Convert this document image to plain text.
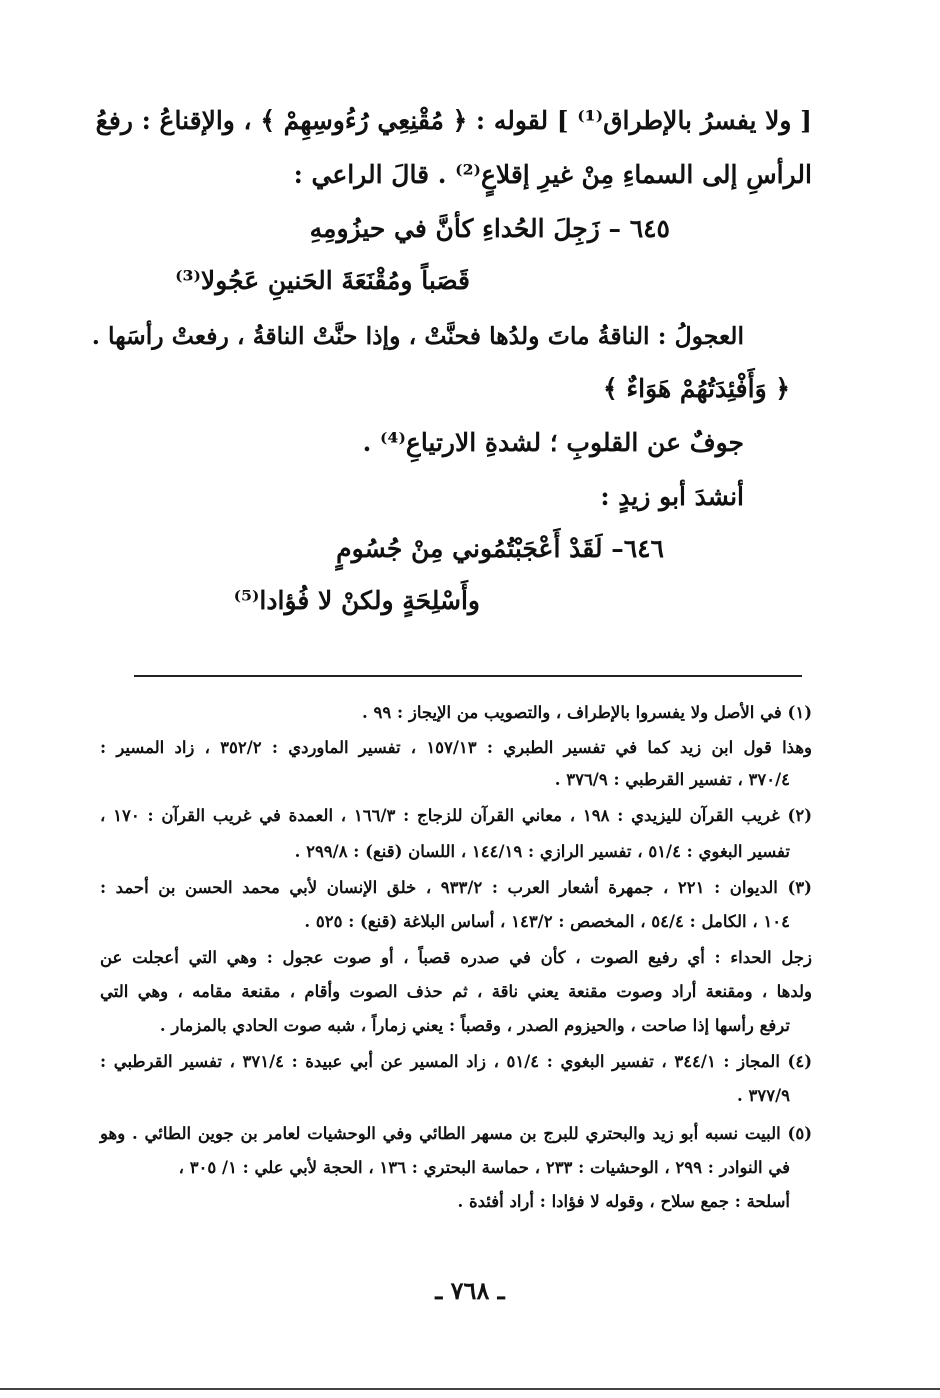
[ ولا يفسرُ بالإطراق⁽¹⁾ ] لقوله : ﴿ مُقْنِعِي رُءُوسِهِمْ ﴾ ، والإقناعُ : رفعُ
الرأسِ إلى السماءِ مِنْ غيرِ إقلاعٍ⁽²⁾ . قالَ الراعي :
٦٤٥ – زَجِلَ الحُداءِ كأنَّ في حيزُومِهِ
قَصَباً ومُقْنَعَةَ الحَنينِ عَجُولا⁽³⁾
العجولُ : الناقةُ ماتَ ولدُها فحنَّتْ ، وإذا حنَّتْ الناقةُ ، رفعتْ رأسَها .
﴿ وَأَفْئِدَتُهُمْ هَوَاءٌ ﴾
جوفٌ عن القلوبِ ؛ لشدةِ الارتياعِ⁽⁴⁾ .
أنشدَ أبو زيدٍ :
٦٤٦– لَقَدْ أَعْجَبْتُمُوني مِنْ جُسُومٍ
وأَسْلِحَةٍ ولكنْ لا فُؤادا⁽⁵⁾
(١) في الأصل ولا يفسروا بالإطراف ، والتصويب من الإيجاز : ٩٩ .
وهذا قول ابن زيد كما في تفسير الطبري : ١٥٧/١٣ ، تفسير الماوردي : ٣٥٢/٢ ، زاد المسير :
٣٧٠/٤ ، تفسير القرطبي : ٣٧٦/٩ .
(٢) غريب القرآن لليزيدي : ١٩٨ ، معاني القرآن للزجاج : ١٦٦/٣ ، العمدة في غريب القرآن : ١٧٠ ،
تفسير البغوي : ٥١/٤ ، تفسير الرازي : ١٤٤/١٩ ، اللسان (قنع) : ٢٩٩/٨ .
(٣) الديوان : ٢٢١ ، جمهرة أشعار العرب : ٩٣٣/٢ ، خلق الإنسان لأبي محمد الحسن بن أحمد :
١٠٤ ، الكامل : ٥٤/٤ ، المخصص : ١٤٣/٢ ، أساس البلاغة (قنع) : ٥٢٥ .
زجل الحداء : أي رفيع الصوت ، كأن في صدره قصباً ، أو صوت عجول : وهي التي أعجلت عن
ولدها ، ومقنعة أراد وصوت مقنعة يعني ناقة ، ثم حذف الصوت وأقام ، مقنعة مقامه ، وهي التي
ترفع رأسها إذا صاحت ، والحيزوم الصدر ، وقصباً : يعني زماراً ، شبه صوت الحادي بالمزمار .
(٤) المجاز : ٣٤٤/١ ، تفسير البغوي : ٥١/٤ ، زاد المسير عن أبي عبيدة : ٣٧١/٤ ، تفسير القرطبي :
٣٧٧/٩ .
(٥) البيت نسبه أبو زيد والبحتري للبرج بن مسهر الطائي وفي الوحشيات لعامر بن جوين الطائي . وهو
في النوادر : ٢٩٩ ، الوحشيات : ٢٣٣ ، حماسة البحتري : ١٣٦ ، الحجة لأبي علي : ١/ ٣٠٥ ،
أسلحة : جمع سلاح ، وقوله لا فؤادا : أراد أفئدة .
ـ ٧٦٨ ـ
